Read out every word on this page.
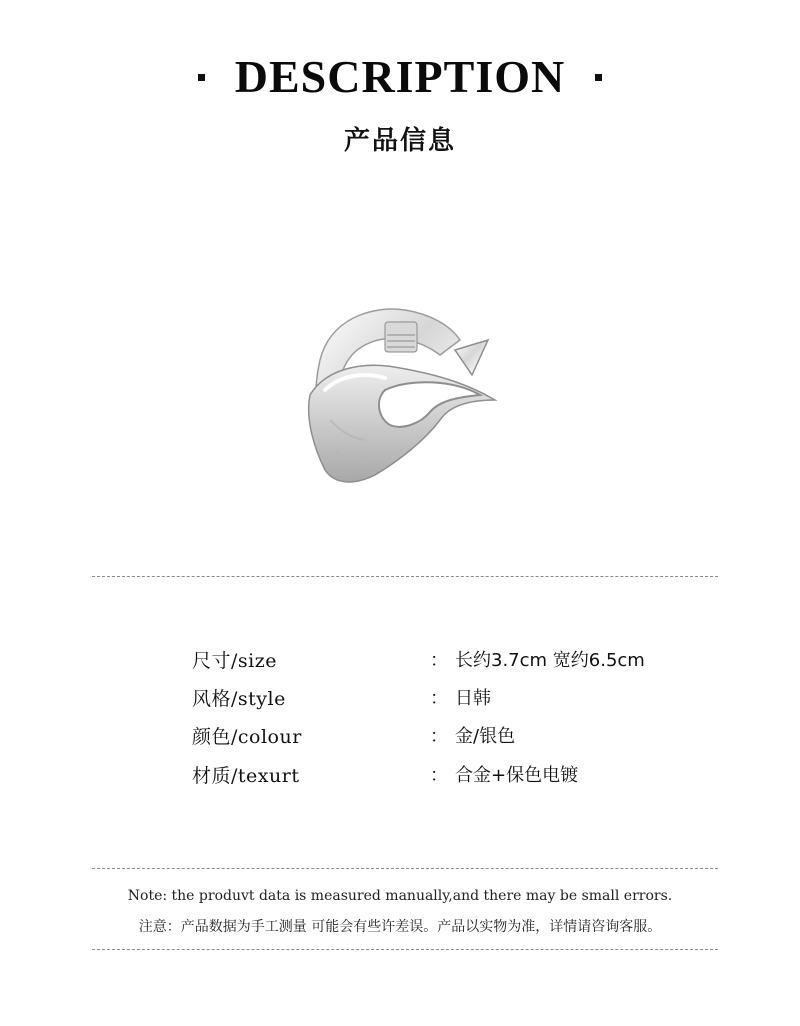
DESCRIPTION
产品信息
尺寸/size	： 长约3.7cm 宽约6.5cm
风格/style	： 日韩
颜色/colour	： 金/银色
材质/texurt	： 合金+保色电镀
Note: the produvt data is measured manually,and there may be small errors.
注意：产品数据为手工测量 可能会有些许差误。产品以实物为准，详情请咨询客服。
